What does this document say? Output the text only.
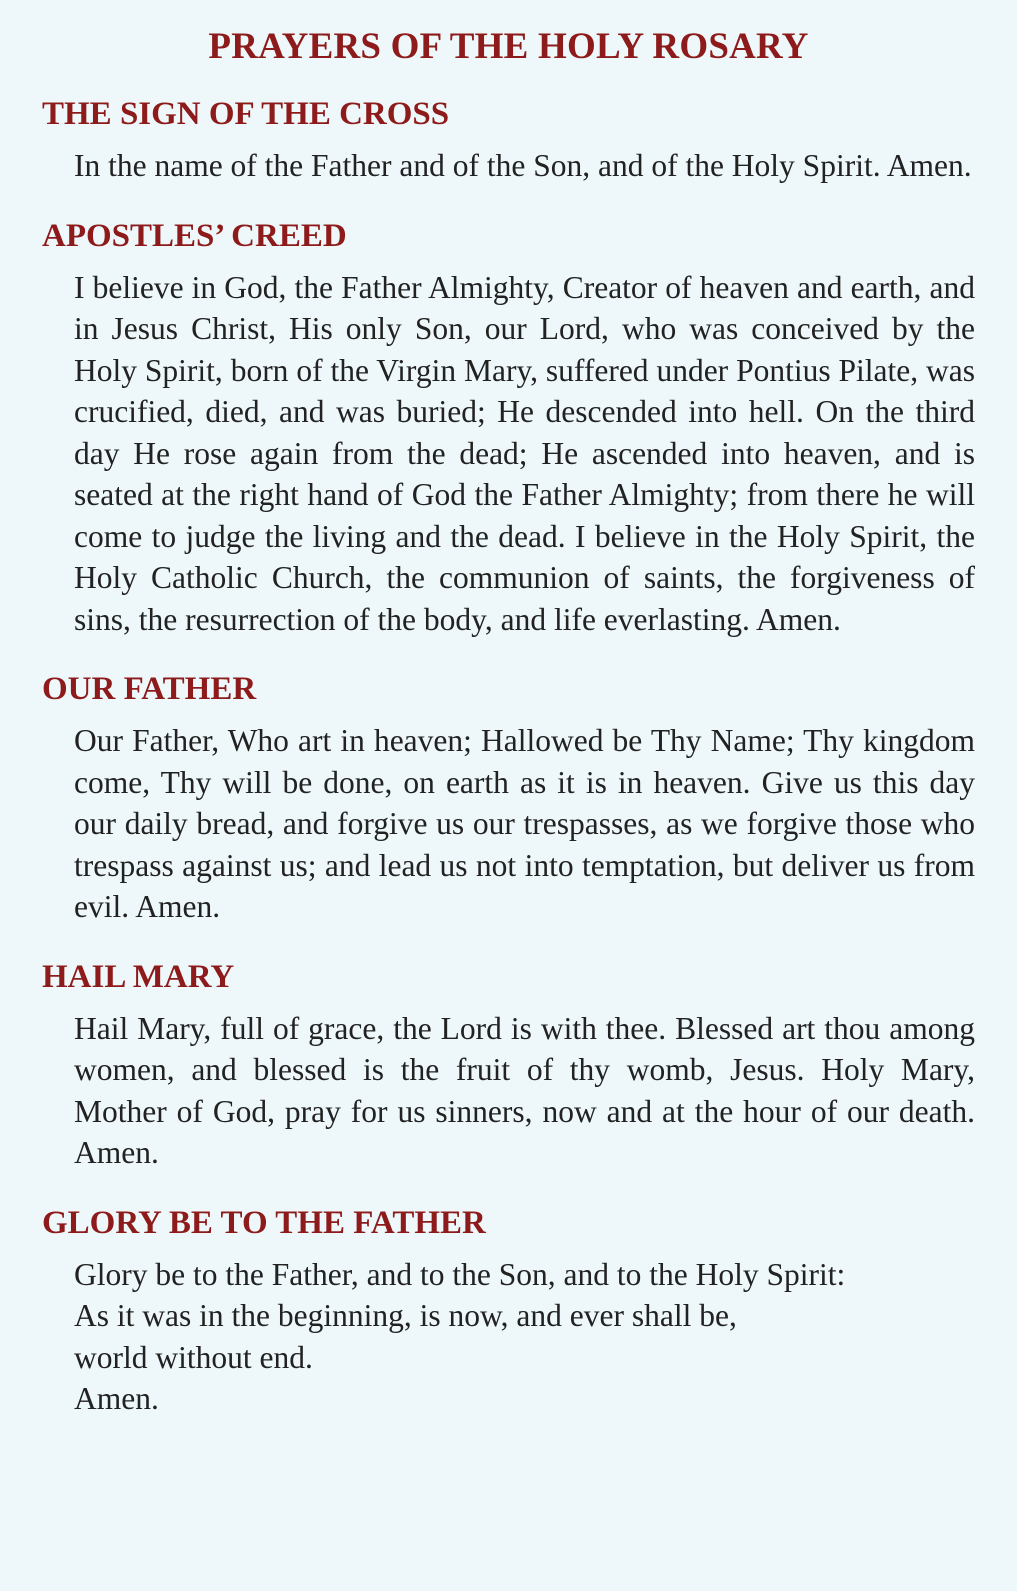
PRAYERS OF THE HOLY ROSARY
THE SIGN OF THE CROSS

In the name of the Father and of the Son, and of the Holy Spirit. Amen.

APOSTLES’ CREED

I believe in God, the Father Almighty, Creator of heaven and earth, and in Jesus Christ, His only Son, our Lord, who was conceived by the Holy Spirit, born of the Virgin Mary, suffered under Pontius Pilate, was crucified, died, and was buried; He descended into hell. On the third day He rose again from the dead; He ascended into heaven, and is seated at the right hand of God the Father Almighty; from there he will come to judge the living and the dead. I believe in the Holy Spirit, the Holy Catholic Church, the communion of saints, the forgiveness of sins, the resurrection of the body, and life everlasting. Amen.

OUR FATHER

Our Father, Who art in heaven; Hallowed be Thy Name; Thy kingdom come, Thy will be done, on earth as it is in heaven. Give us this day our daily bread, and forgive us our trespasses, as we forgive those who trespass against us; and lead us not into temptation, but deliver us from evil. Amen.

HAIL MARY

Hail Mary, full of grace, the Lord is with thee. Blessed art thou among women, and blessed is the fruit of thy womb, Jesus. Holy Mary, Mother of God, pray for us sinners, now and at the hour of our death. Amen.

GLORY BE TO THE FATHER

Glory be to the Father, and to the Son, and to the Holy Spirit:

As it was in the beginning, is now, and ever shall be,

world without end.

Amen.
